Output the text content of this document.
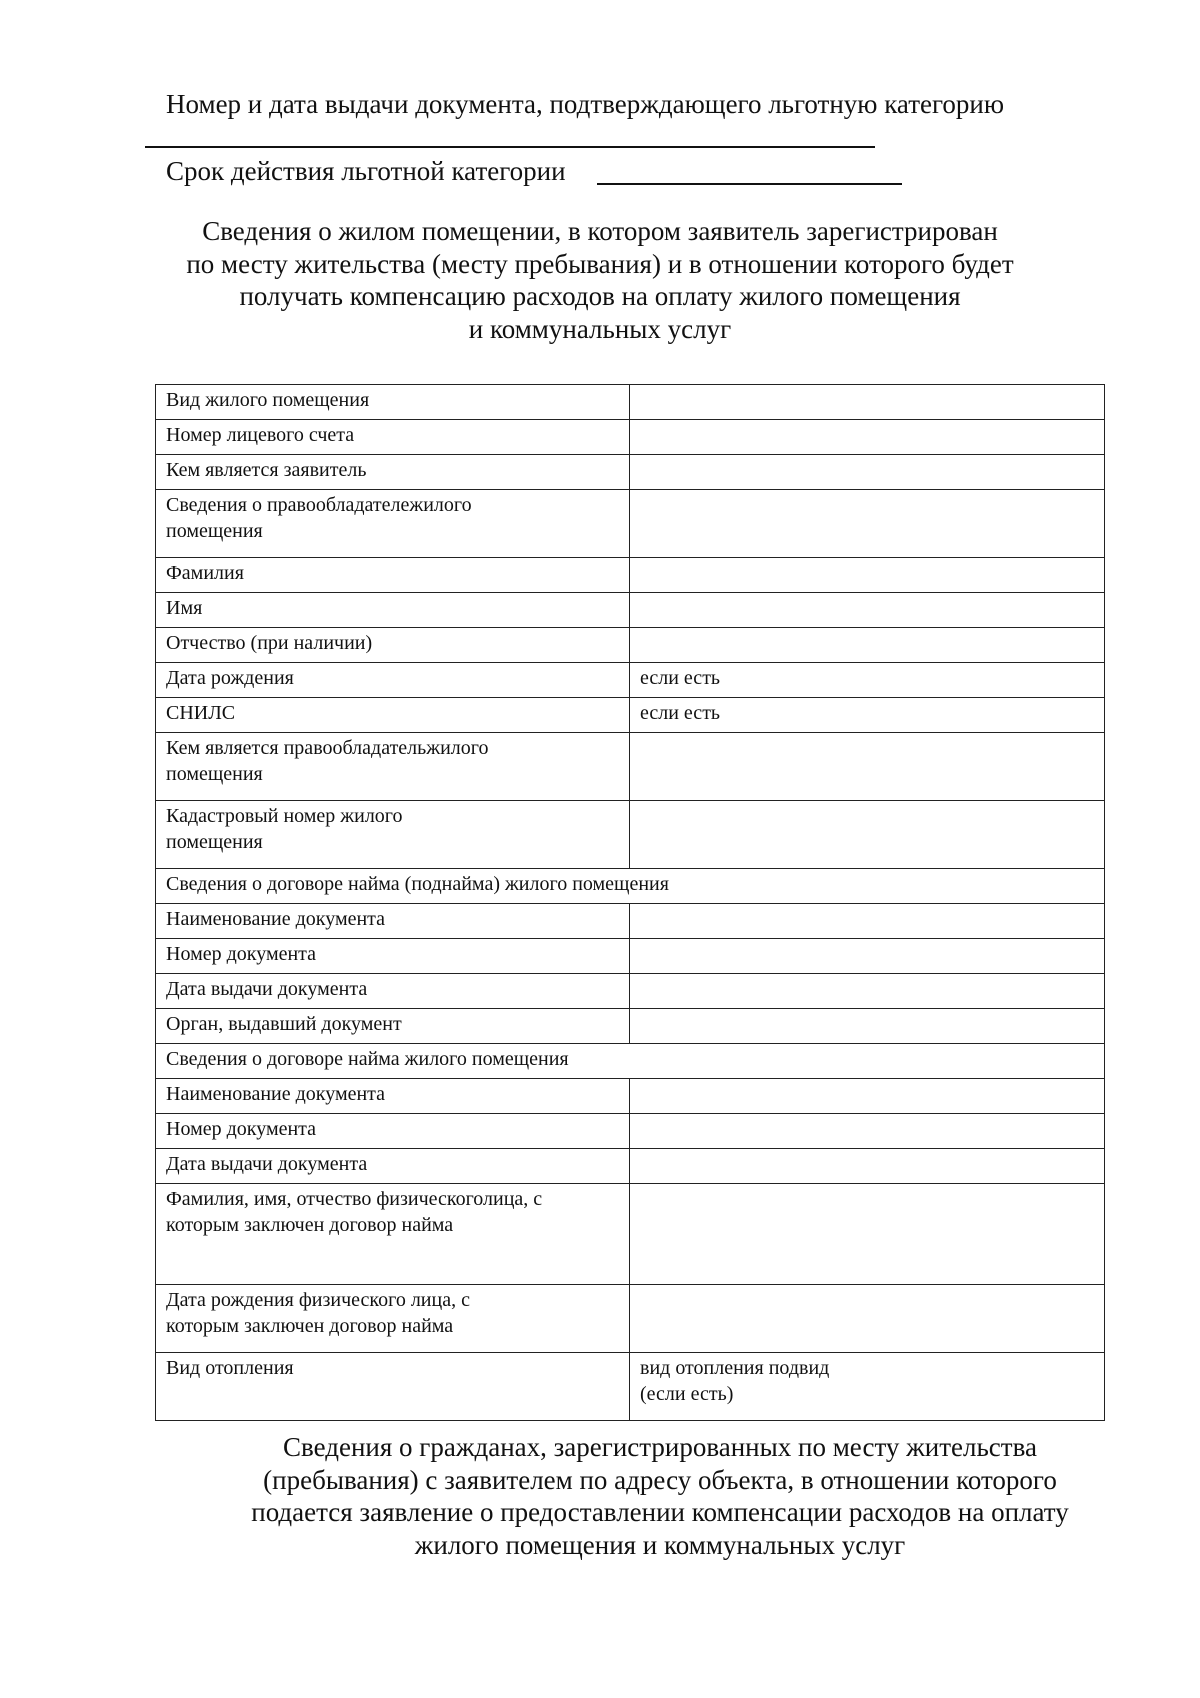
Номер и дата выдачи документа, подтверждающего льготную категорию
Срок действия льготной категории
Сведения о жилом помещении, в котором заявитель зарегистрирован
по месту жительства (месту пребывания) и в отношении которого будет
получать компенсацию расходов на оплату жилого помещения
и коммунальных услуг
Вид жилого помещения	

Номер лицевого счета	

Кем является заявитель	

Сведения о правообладатележилого
помещения	

Фамилия	

Имя	

Отчество (при наличии)	

Дата рождения	если есть

СНИЛС	если есть

Кем является правообладательжилого
помещения	

Кадастровый номер жилого
помещения	

Сведения о договоре найма (поднайма) жилого помещения	

Наименование документа	

Номер документа	

Дата выдачи документа	

Орган, выдавший документ	

Сведения о договоре найма жилого помещения	

Наименование документа	

Номер документа	

Дата выдачи документа	

Фамилия, имя, отчество физическоголица, с
которым заключен договор найма	

Дата рождения физического лица, с
которым заключен договор найма	

Вид отопления	вид отопления подвид
(если есть)
Сведения о гражданах, зарегистрированных по месту жительства
(пребывания) с заявителем по адресу объекта, в отношении которого
подается заявление о предоставлении компенсации расходов на оплату
жилого помещения и коммунальных услуг
